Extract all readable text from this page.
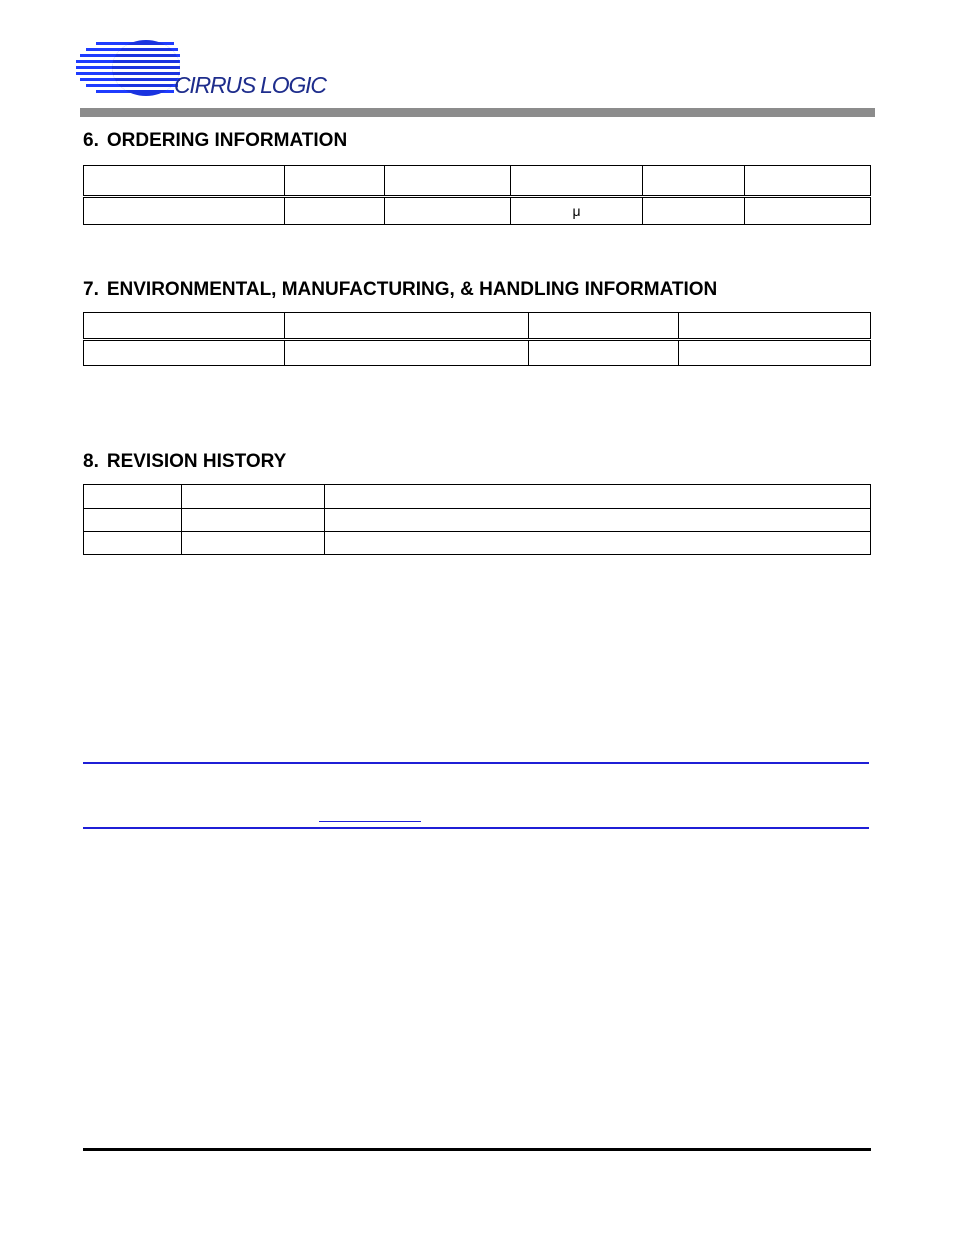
CIRRUS LOGIC
6. ORDERING INFORMATION

			μ		
7. ENVIRONMENTAL, MANUFACTURING, & HANDLING INFORMATION

8. REVISION HISTORY
